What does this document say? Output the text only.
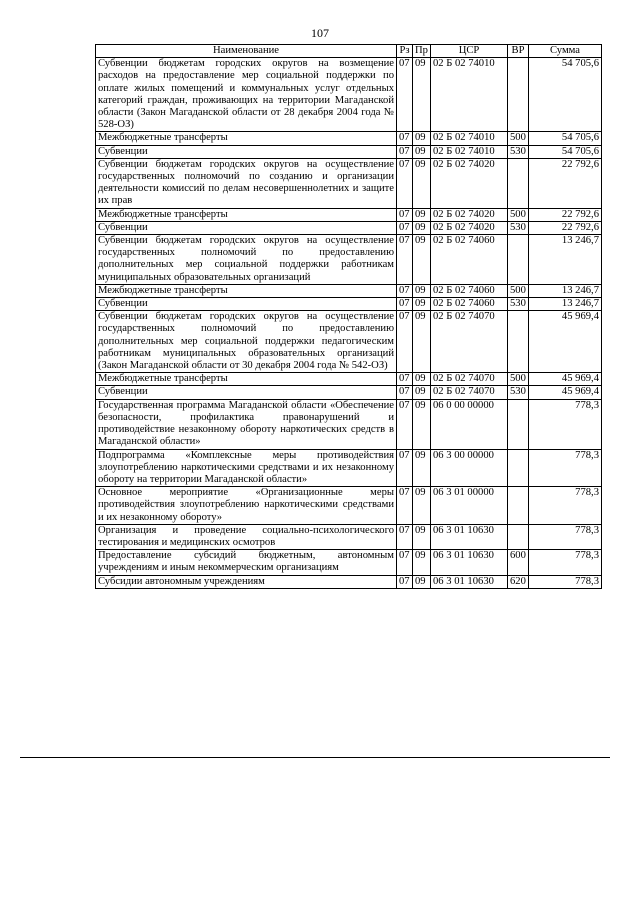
107
Наименование	Рз	Пр	ЦСР	ВР	Сумма
Субвенции бюджетам городских округов на возмещение расходов на предоставление мер социальной поддержки по оплате жилых помещений и коммунальных услуг отдельных категорий граждан, проживающих на территории Магаданской области (Закон Магаданской области от 28 декабря 2004 года № 528-ОЗ)	07	09	02 Б 02 74010		54 705,6
Межбюджетные трансферты	07	09	02 Б 02 74010	500	54 705,6
Субвенции	07	09	02 Б 02 74010	530	54 705,6
Субвенции бюджетам городских округов на осуществление государственных полномочий по созданию и организации деятельности комиссий по делам несовершеннолетних и защите их прав	07	09	02 Б 02 74020		22 792,6
Межбюджетные трансферты	07	09	02 Б 02 74020	500	22 792,6
Субвенции	07	09	02 Б 02 74020	530	22 792,6
Субвенции бюджетам городских округов на осуществление государственных полномочий по предоставлению дополнительных мер социальной поддержки работникам муниципальных образовательных организаций	07	09	02 Б 02 74060		13 246,7
Межбюджетные трансферты	07	09	02 Б 02 74060	500	13 246,7
Субвенции	07	09	02 Б 02 74060	530	13 246,7
Субвенции бюджетам городских округов на осуществление государственных полномочий по предоставлению дополнительных мер социальной поддержки педагогическим работникам муниципальных образовательных организаций (Закон Магаданской области от 30 декабря 2004 года № 542-ОЗ)	07	09	02 Б 02 74070		45 969,4
Межбюджетные трансферты	07	09	02 Б 02 74070	500	45 969,4
Субвенции	07	09	02 Б 02 74070	530	45 969,4
Государственная программа Магаданской области «Обеспечение безопасности, профилактика правонарушений и противодействие незаконному обороту наркотических средств в Магаданской области»	07	09	06 0 00 00000		778,3
Подпрограмма «Комплексные меры противодействия злоупотреблению наркотическими средствами и их незаконному обороту на территории Магаданской области»	07	09	06 3 00 00000		778,3
Основное мероприятие «Организационные меры противодействия злоупотреблению наркотическими средствами и их незаконному обороту»	07	09	06 3 01 00000		778,3
Организация и проведение социально-психологического тестирования и медицинских осмотров	07	09	06 3 01 10630		778,3
Предоставление субсидий бюджетным, автономным учреждениям и иным некоммерческим организациям	07	09	06 3 01 10630	600	778,3
Субсидии автономным учреждениям	07	09	06 3 01 10630	620	778,3
